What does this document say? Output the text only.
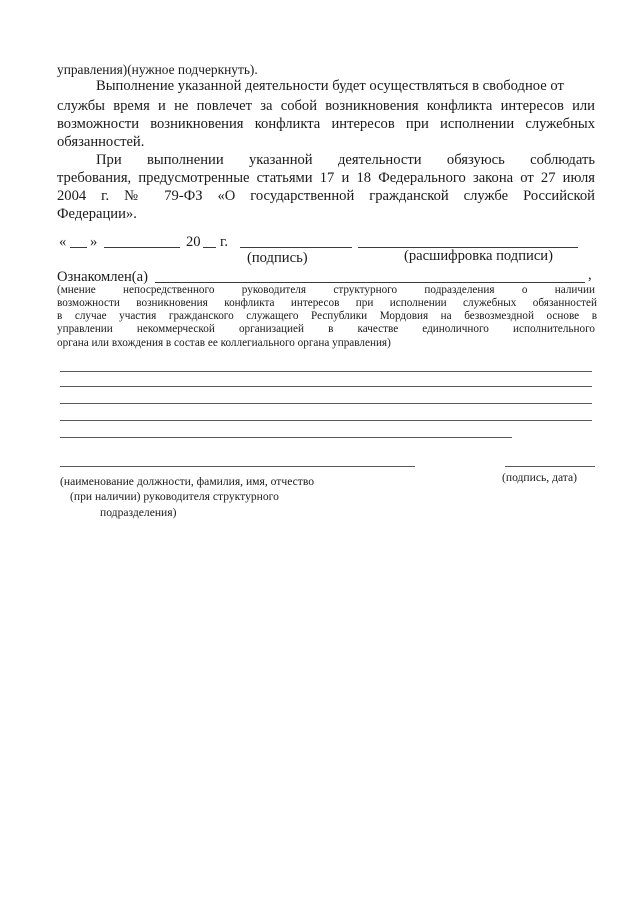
управления)(нужное подчеркнуть).
Выполнение указанной деятельности будет осуществляться в свободное от
службы время и не повлечет за собой возникновения конфликта интересов или
возможности возникновения конфликта интересов при исполнении служебных
обязанностей.
При выполнении указанной деятельности обязуюсь соблюдать
требования, предусмотренные статьями 17 и 18 Федерального закона от 27 июля
2004 г. № 79-ФЗ «О государственной гражданской службе Российской
Федерации».
« »	20 г.
(подпись)	(расшифровка подписи)
Ознакомлен(а)	,
(мнение непосредственного руководителя структурного подразделения о наличии
возможности возникновения конфликта интересов при исполнении служебных обязанностей
в случае участия гражданского служащего Республики Мордовия на безвозмездной основе в
управлении некоммерческой организацией в качестве единоличного исполнительного
органа или вхождения в состав ее коллегиального органа управления)
(наименование должности, фамилия, имя, отчество
(при наличии) руководителя структурного
подразделения)
(подпись, дата)
